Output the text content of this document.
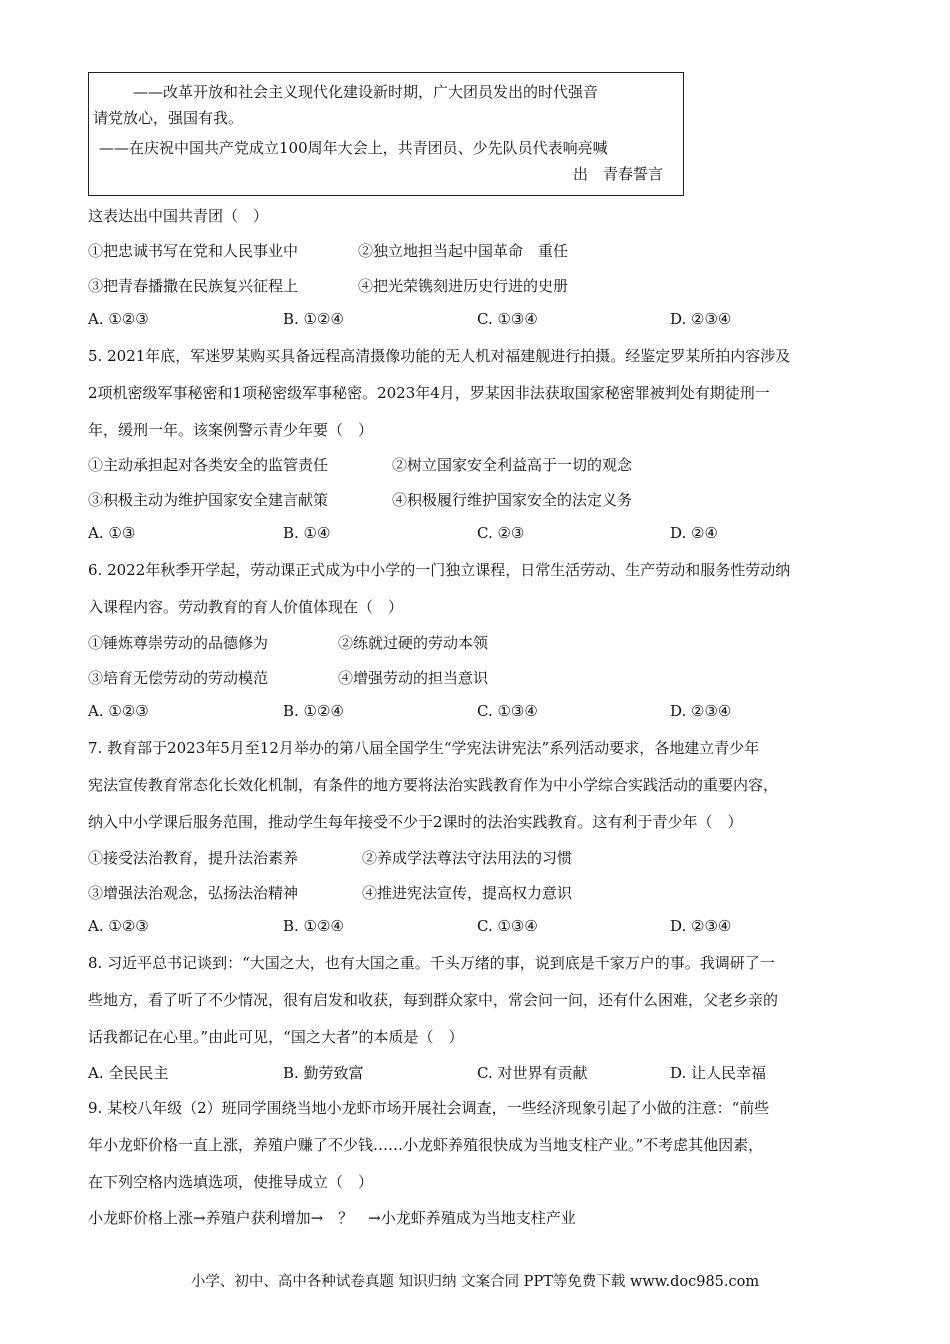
——改革开放和社会主义现代化建设新时期，广大团员发出的时代强音
请党放心，强国有我。
——在庆祝中国共产党成立100周年大会上，共青团员、少先队员代表响亮喊
出　青春誓言
这表达出中国共青团（　）
①把忠诚书写在党和人民事业中	②独立地担当起中国革命　重任
③把青春播撒在民族复兴征程上	④把光荣镌刻进历史行进的史册
A. ①②③	B. ①②④	C. ①③④	D. ②③④
5. 2021年底，军迷罗某购买具备远程高清摄像功能的无人机对福建舰进行拍摄。经鉴定罗某所拍内容涉及
2项机密级军事秘密和1项秘密级军事秘密。2023年4月，罗某因非法获取国家秘密罪被判处有期徒刑一
年，缓刑一年。该案例警示青少年要（　）
①主动承担起对各类安全的监管责任	②树立国家安全利益高于一切的观念
③积极主动为维护国家安全建言献策	④积极履行维护国家安全的法定义务
A. ①③	B. ①④	C. ②③	D. ②④
6. 2022年秋季开学起，劳动课正式成为中小学的一门独立课程，日常生活劳动、生产劳动和服务性劳动纳
入课程内容。劳动教育的育人价值体现在（　）
①锤炼尊崇劳动的品德修为	②练就过硬的劳动本领
③培育无偿劳动的劳动模范	④增强劳动的担当意识
A. ①②③	B. ①②④	C. ①③④	D. ②③④
7. 教育部于2023年5月至12月举办的第八届全国学生“学宪法讲宪法”系列活动要求，各地建立青少年
宪法宣传教育常态化长效化机制，有条件的地方要将法治实践教育作为中小学综合实践活动的重要内容，
纳入中小学课后服务范围，推动学生每年接受不少于2课时的法治实践教育。这有利于青少年（　）
①接受法治教育，提升法治素养	②养成学法尊法守法用法的习惯
③增强法治观念，弘扬法治精神	④推进宪法宣传，提高权力意识
A. ①②③	B. ①②④	C. ①③④	D. ②③④
8. 习近平总书记谈到：“大国之大，也有大国之重。千头万绪的事，说到底是千家万户的事。我调研了一
些地方，看了听了不少情况，很有启发和收获，每到群众家中，常会问一问，还有什么困难，父老乡亲的
话我都记在心里。”由此可见，“国之大者”的本质是（　）
A. 全民民主	B. 勤劳致富	C. 对世界有贡献	D. 让人民幸福
9. 某校八年级（2）班同学围绕当地小龙虾市场开展社会调查，一些经济现象引起了小做的注意：“前些
年小龙虾价格一直上涨，养殖户赚了不少钱……小龙虾养殖很快成为当地支柱产业。”不考虑其他因素，
在下列空格内选填选项，使推导成立（　）
小龙虾价格上涨→养殖户获利增加→　？　→小龙虾养殖成为当地支柱产业
小学、初中、高中各种试卷真题 知识归纳 文案合同 PPT等免费下载 www.doc985.com
